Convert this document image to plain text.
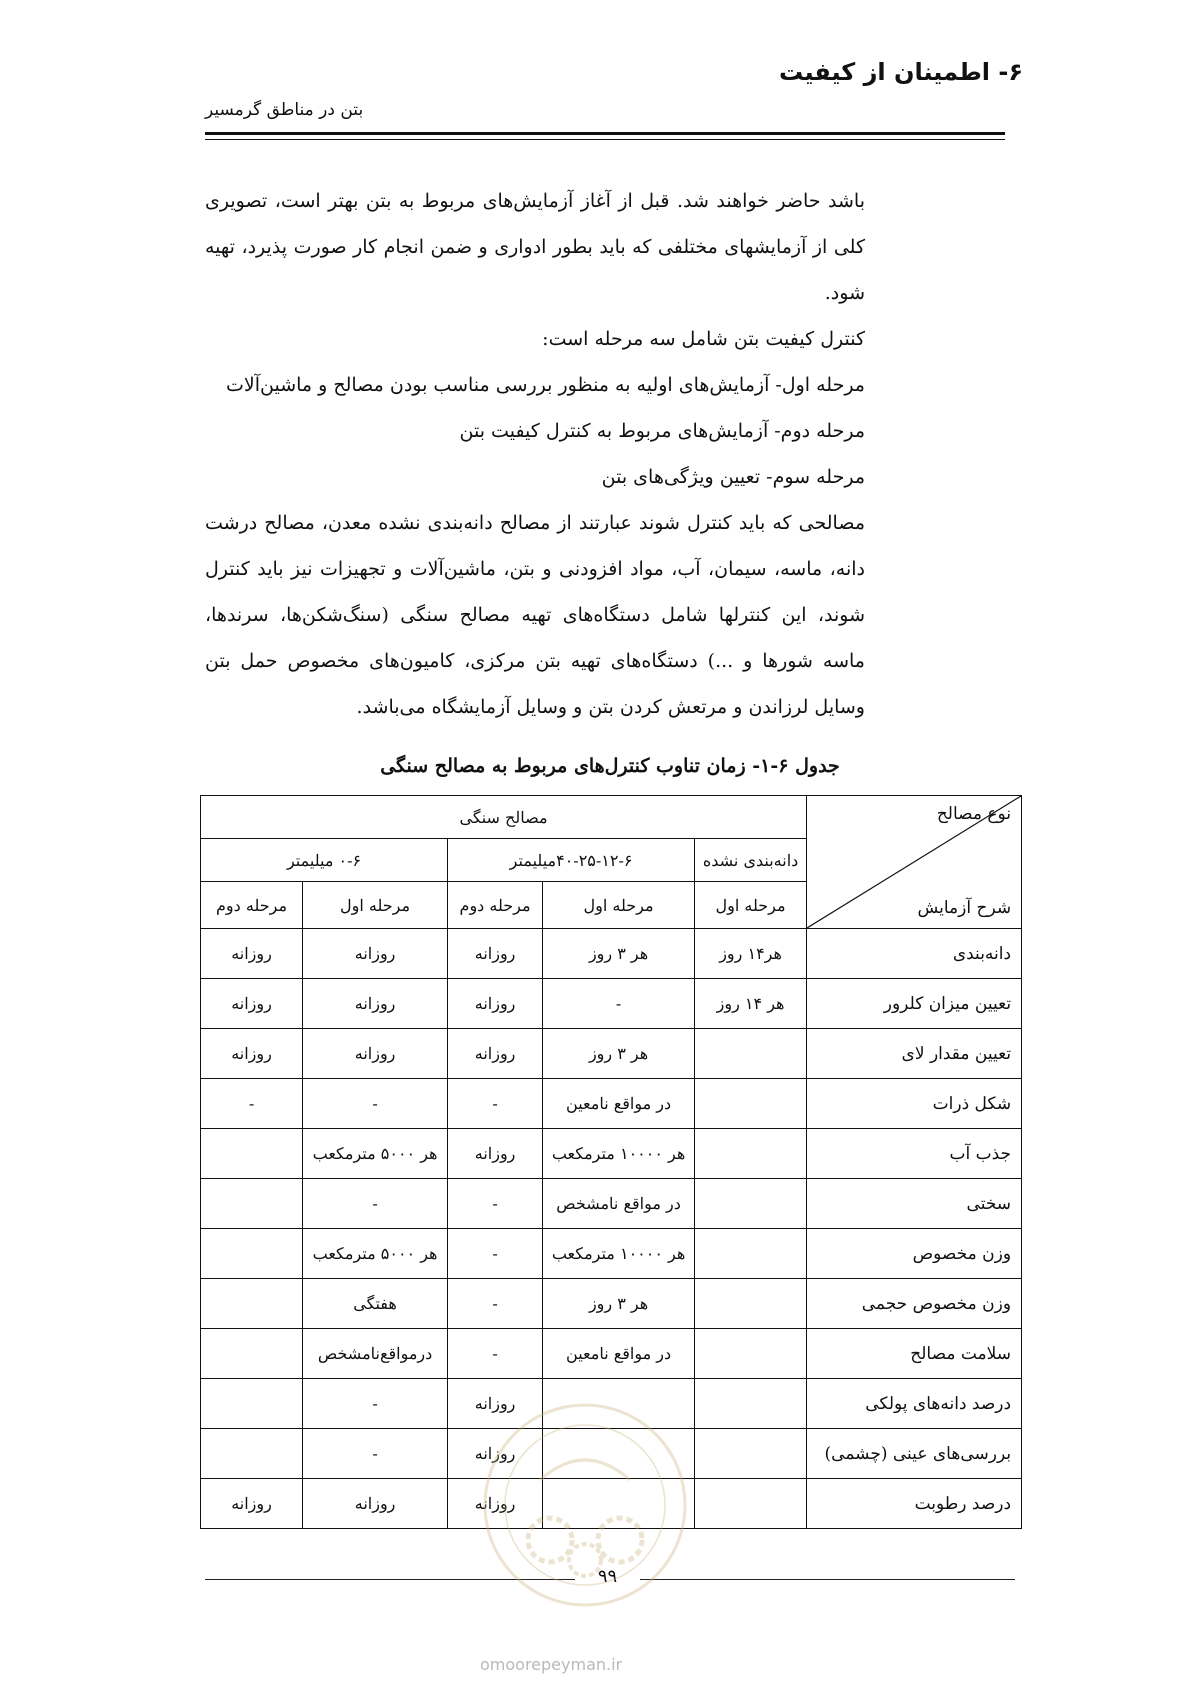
۶- اطمینان از کیفیت
بتن در مناطق گرمسیر

باشد حاضر خواهند شد. قبل از آغاز آزمایش‌های مربوط به بتن بهتر است، تصویری کلی از آزمایشهای مختلفی که باید بطور ادواری و ضمن انجام کار صورت پذیرد، تهیه شود.

کنترل کیفیت بتن شامل سه مرحله است:

مرحله اول- آزمایش‌های اولیه به منظور بررسی مناسب بودن مصالح و ماشین‌آلات

مرحله دوم- آزمایش‌های مربوط به کنترل کیفیت بتن

مرحله سوم- تعیین ویژگی‌های بتن

مصالحی که باید کنترل شوند عبارتند از مصالح دانه‌بندی نشده معدن، مصالح درشت دانه، ماسه، سیمان، آب، مواد افزودنی و بتن، ماشین‌آلات و تجهیزات نیز باید کنترل شوند، این کنترلها شامل دستگاه‌های تهیه مصالح سنگی (سنگ‌شکن‌ها، سرندها، ماسه شورها و ...) دستگاه‌های تهیه بتن مرکزی، کامیون‌های مخصوص حمل بتن وسایل لرزاندن و مرتعش کردن بتن و وسایل آزمایشگاه می‌باشد.

جدول ۶-۱- زمان تناوب کنترل‌های مربوط به مصالح سنگی
نوع مصالح
شرح آزمایش	مصالح سنگی				
	دانه‌بندی نشده	۴۰-۲۵-۱۲-۶میلیمتر		۰-۶ میلیمتر	
	مرحله اول	مرحله اول	مرحله دوم	مرحله اول	مرحله دوم
دانه‌بندی	هر۱۴ روز	هر ۳ روز	روزانه	روزانه	روزانه
تعیین میزان کلرور	هر ۱۴ روز	-	روزانه	روزانه	روزانه
تعیین مقدار لای		هر ۳ روز	روزانه	روزانه	روزانه
شکل ذرات		در مواقع نامعین	-	-	-
جذب آب		هر ۱۰۰۰۰ مترمکعب	روزانه	هر ۵۰۰۰ مترمکعب	
سختی		در مواقع نامشخص	-	-	
وزن مخصوص		هر ۱۰۰۰۰ مترمکعب	-	هر ۵۰۰۰ مترمکعب	
وزن مخصوص حجمی		هر ۳ روز	-	هفتگی	
سلامت مصالح		در مواقع نامعین	-	درمواقع‌نامشخص	
درصد دانه‌های پولکی			روزانه	-	
بررسی‌های عینی (چشمی)			روزانه	-	
درصد رطوبت			روزانه	روزانه	روزانه
۹۹
omoorepeyman.ir
